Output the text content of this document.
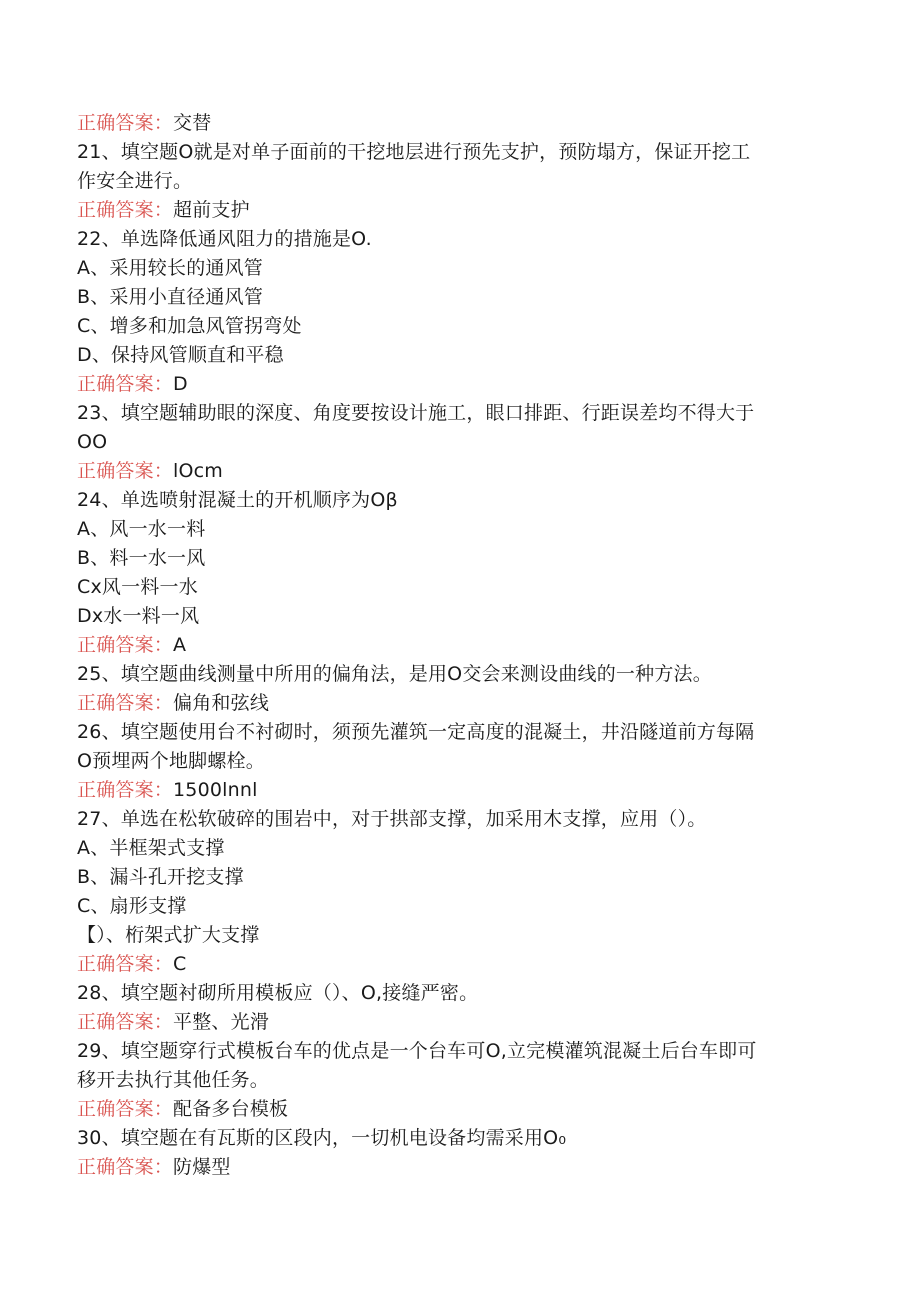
正确答案：交替
21、填空题O就是对单子面前的干挖地层进行预先支护，预防塌方，保证开挖工
作安全进行。
正确答案：超前支护
22、单选降低通风阻力的措施是O.
A、采用较长的通风管
B、采用小直径通风管
C、增多和加急风管拐弯处
D、保持风管顺直和平稳
正确答案：D
23、填空题辅助眼的深度、角度要按设计施工，眼口排距、行距误差均不得大于
OO
正确答案：lOcm
24、单选喷射混凝土的开机顺序为Oβ
A、风一水一料
B、料一水一风
Cx风一料一水
Dx水一料一风
正确答案：A
25、填空题曲线测量中所用的偏角法，是用O交会来测设曲线的一种方法。
正确答案：偏角和弦线
26、填空题使用台不衬砌时，须预先灌筑一定高度的混凝土，井沿隧道前方每隔
O预埋两个地脚螺栓。
正确答案：1500lnnl
27、单选在松软破碎的围岩中，对于拱部支撑，加采用木支撑，应用（）。
A、半框架式支撑
B、漏斗孔开挖支撑
C、扇形支撑
【）、桁架式扩大支撑
正确答案：C
28、填空题衬砌所用模板应（）、O,接缝严密。
正确答案：平整、光滑
29、填空题穿行式模板台车的优点是一个台车可O,立完模灌筑混凝土后台车即可
移开去执行其他任务。
正确答案：配备多台模板
30、填空题在有瓦斯的区段内，一切机电设备均需采用O₀
正确答案：防爆型
